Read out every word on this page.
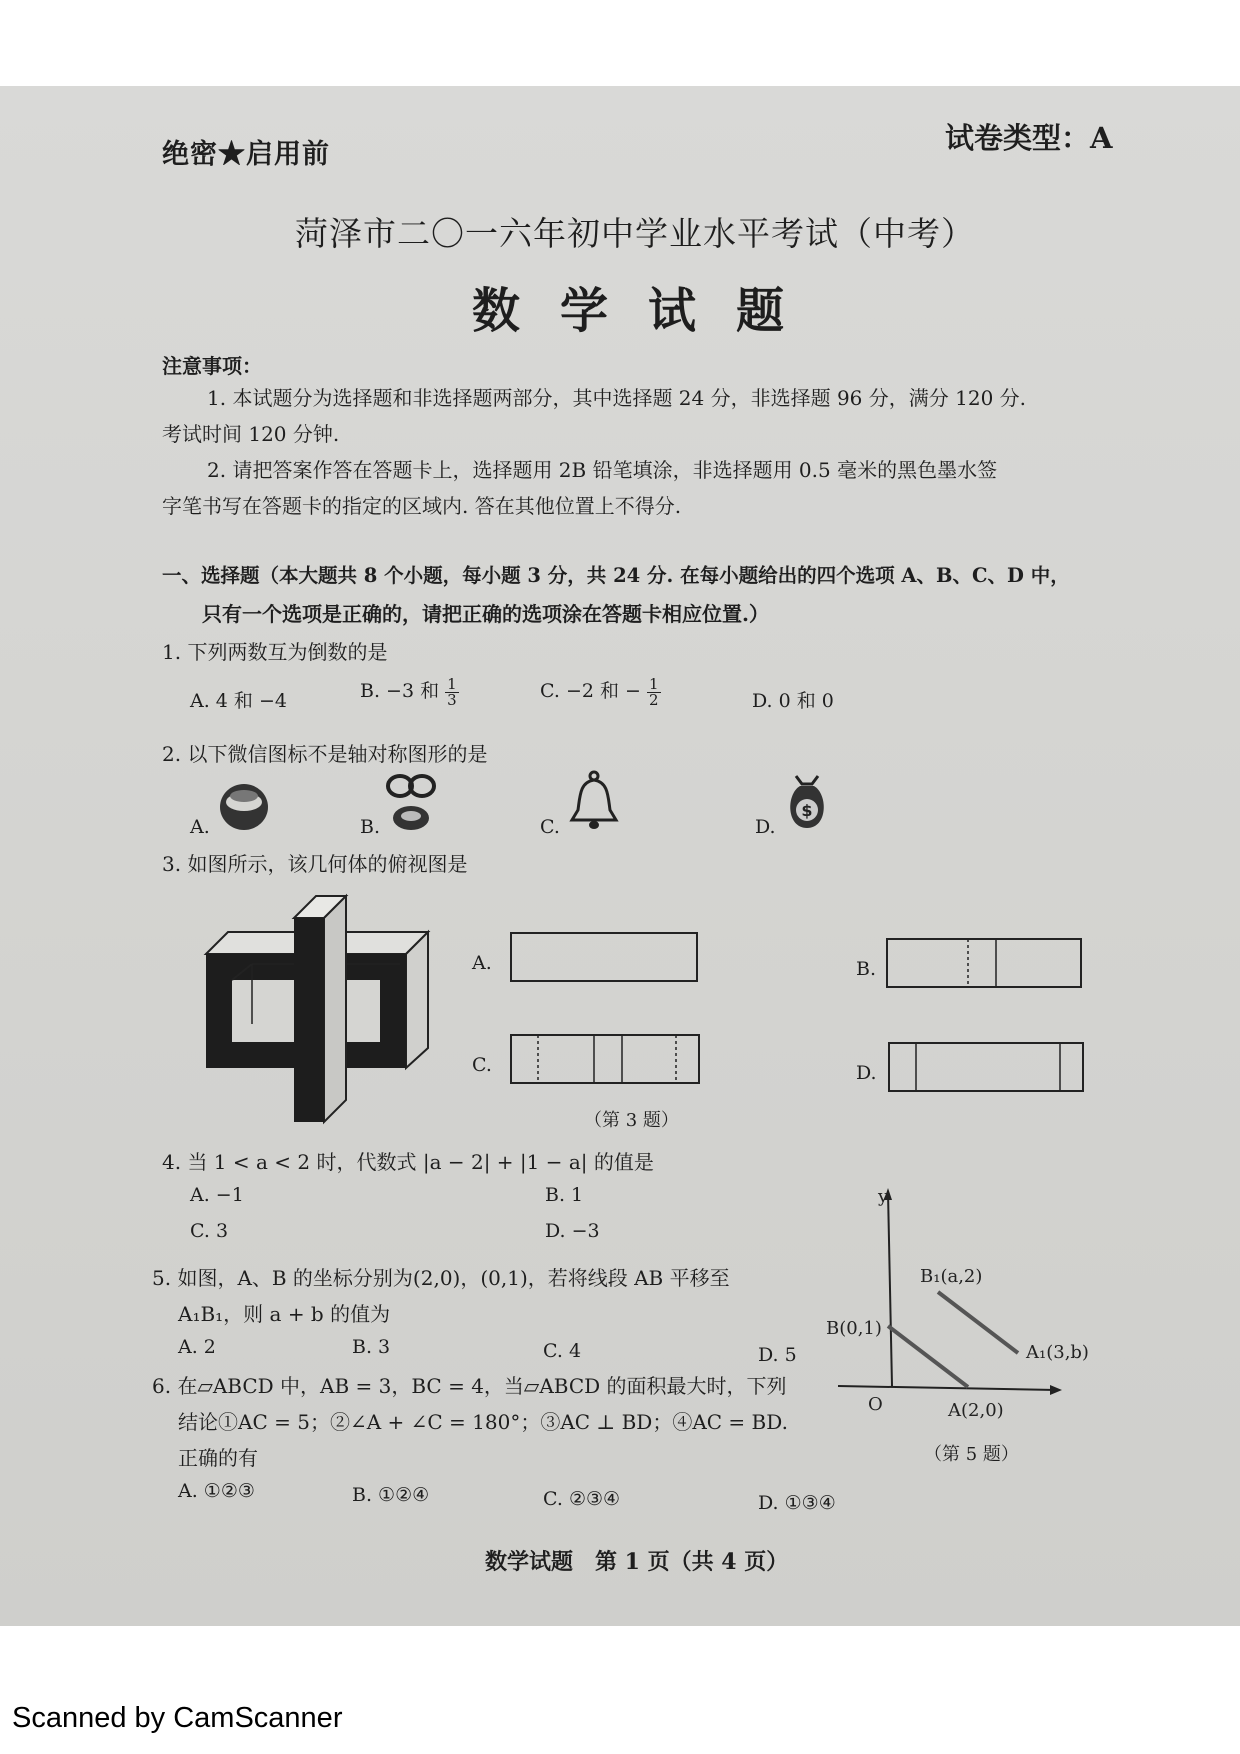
绝密★启用前	试卷类型：A
菏泽市二〇一六年初中学业水平考试（中考）
数学试题
注意事项：
1. 本试题分为选择题和非选择题两部分，其中选择题 24 分，非选择题 96 分，满分 120 分.
考试时间 120 分钟.
2. 请把答案作答在答题卡上，选择题用 2B 铅笔填涂，非选择题用 0.5 毫米的黑色墨水签
字笔书写在答题卡的指定的区域内. 答在其他位置上不得分.
一、选择题（本大题共 8 个小题，每小题 3 分，共 24 分. 在每小题给出的四个选项 A、B、C、D 中，
只有一个选项是正确的，请把正确的选项涂在答题卡相应位置.）
1. 下列两数互为倒数的是
A. 4 和 −4	B. −3 和 $\frac{1}{3}$	C. −2 和 − $\frac{1}{2}$	D. 0 和 0
2. 以下微信图标不是轴对称图形的是
A.	B.	C.	D.
$
3. 如图所示，该几何体的俯视图是
A.	B.
C.	D.
（第 3 题）
4. 当 1 < a < 2 时，代数式 |a − 2| + |1 − a| 的值是
A. −1	B. 1
C. 3	D. −3
5. 如图，A、B 的坐标分别为(2,0)，(0,1)，若将线段 AB 平移至
A₁B₁，则 a + b 的值为
A. 2	B. 3	C. 4	D. 5
y
B₁(a,2)
A₁(3,b)
B(0,1)
O	A(2,0)
（第 5 题）
6. 在▱ABCD 中，AB = 3，BC = 4，当▱ABCD 的面积最大时，下列
结论①AC = 5；②∠A + ∠C = 180°；③AC ⊥ BD；④AC = BD.
正确的有
A. ①②③	B. ①②④	C. ②③④	D. ①③④
数学试题　第 1 页（共 4 页）
Scanned by CamScanner
